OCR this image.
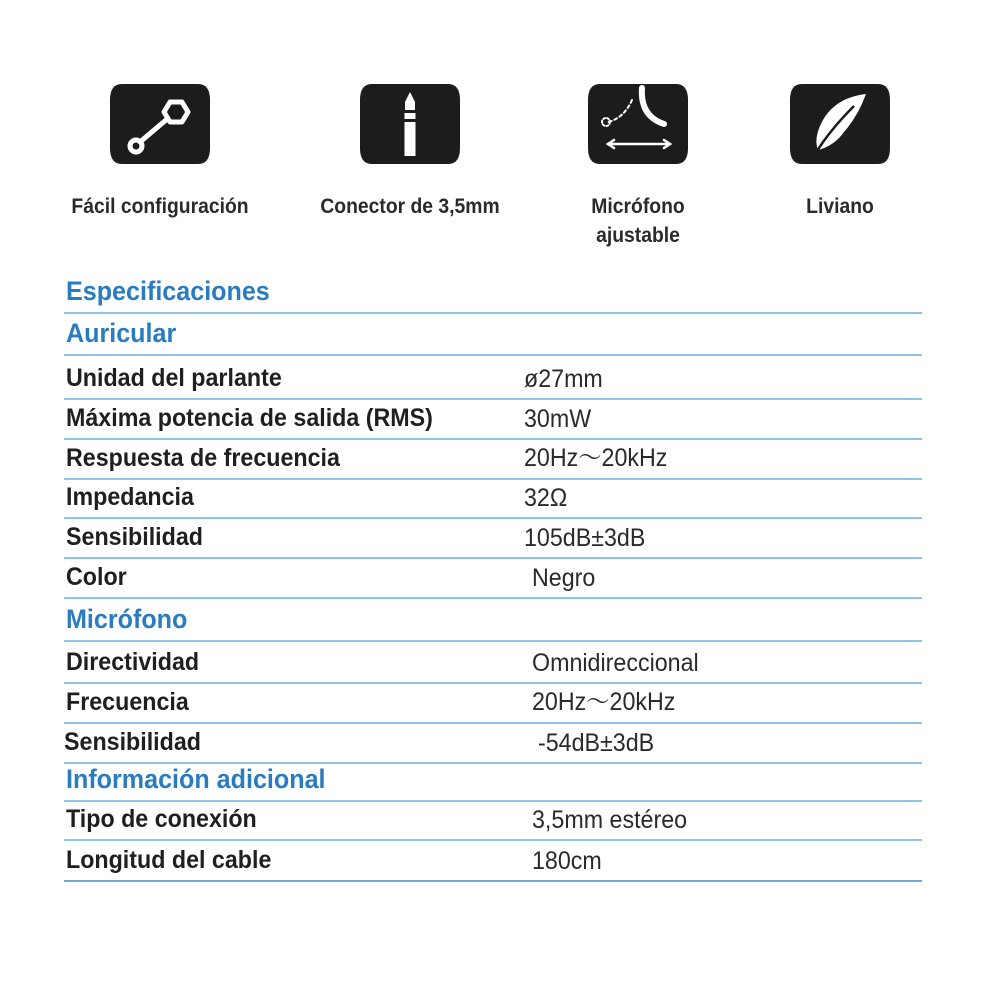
Fácil configuración	Conector de 3,5mm	Micrófono ajustable
Liviano
Especificaciones
Auricular
Unidad del parlante	ø27mm
Máxima potencia de salida (RMS)	30mW
Respuesta de frecuencia	20Hz～20kHz
Impedancia	32Ω
Sensibilidad	105dB±3dB
Color	Negro
Micrófono
Directividad	Omnidireccional
Frecuencia	20Hz～20kHz
Sensibilidad	-54dB±3dB
Información adicional
Tipo de conexión	3,5mm estéreo
Longitud del cable	180cm
